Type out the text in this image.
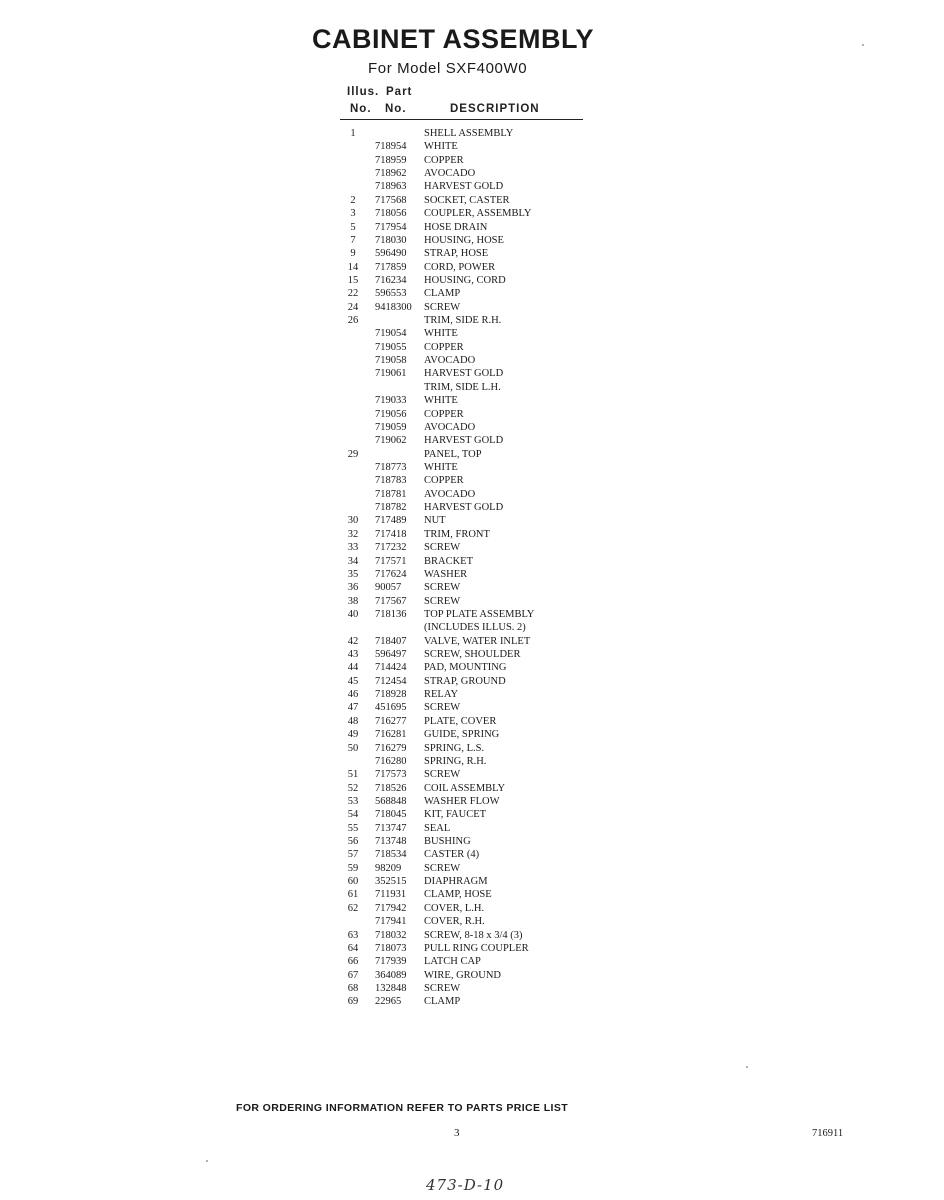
CABINET ASSEMBLY
For Model SXF400W0
Illus. Part
No. No.	DESCRIPTION
1	SHELL ASSEMBLY
718954 WHITE
718959 COPPER
718962 AVOCADO
718963 HARVEST GOLD
2	717568 SOCKET, CASTER
3	718056 COUPLER, ASSEMBLY
5	717954 HOSE DRAIN
7	718030 HOUSING, HOSE
9	596490 STRAP, HOSE
14	717859 CORD, POWER
15	716234 HOUSING, CORD
22	596553 CLAMP
24	9418300 SCREW
26	TRIM, SIDE R.H.
719054 WHITE
719055 COPPER
719058 AVOCADO
719061 HARVEST GOLD
TRIM, SIDE L.H.
719033 WHITE
719056 COPPER
719059 AVOCADO
719062 HARVEST GOLD
29	PANEL, TOP
718773 WHITE
718783 COPPER
718781 AVOCADO
718782 HARVEST GOLD
30	717489 NUT
32	717418 TRIM, FRONT
33	717232 SCREW
34	717571 BRACKET
35	717624 WASHER
36	90057 SCREW
38	717567 SCREW
40	718136 TOP PLATE ASSEMBLY
(INCLUDES ILLUS. 2)
42	718407 VALVE, WATER INLET
43	596497 SCREW, SHOULDER
44	714424 PAD, MOUNTING
45	712454 STRAP, GROUND
46	718928 RELAY
47	451695 SCREW
48	716277 PLATE, COVER
49	716281 GUIDE, SPRING
50	716279 SPRING, L.S.
716280 SPRING, R.H.
51	717573 SCREW
52	718526 COIL ASSEMBLY
53	568848 WASHER FLOW
54	718045 KIT, FAUCET
55	713747 SEAL
56	713748 BUSHING
57	718534 CASTER (4)
59	98209 SCREW
60	352515 DIAPHRAGM
61	711931 CLAMP, HOSE
62	717942 COVER, L.H.
717941 COVER, R.H.
63	718032 SCREW, 8-18 x 3/4 (3)
64	718073 PULL RING COUPLER
66	717939 LATCH CAP
67	364089 WIRE, GROUND
68	132848 SCREW
69	22965 CLAMP
FOR ORDERING INFORMATION REFER TO PARTS PRICE LIST
3	716911
473-D-10
